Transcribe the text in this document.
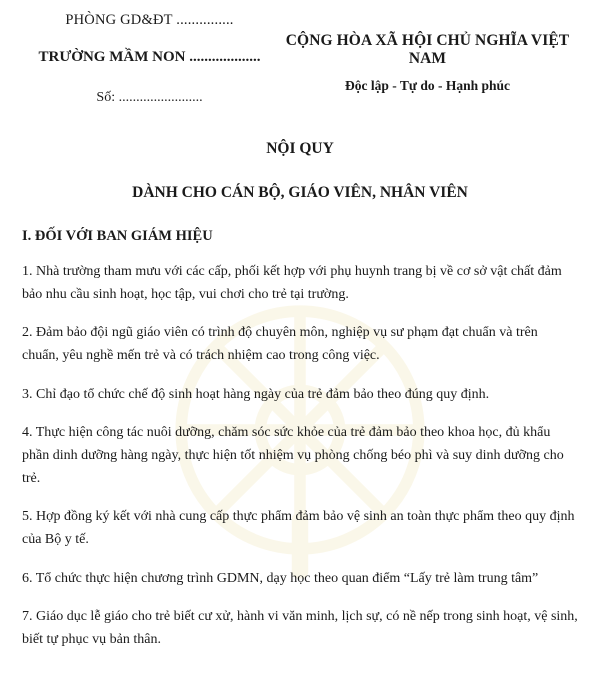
PHÒNG GD&ĐT ...............
TRƯỜNG MẦM NON ...................
Số: ........................
CỘNG HÒA XÃ HỘI CHỦ NGHĨA VIỆT NAM
Độc lập - Tự do - Hạnh phúc
NỘI QUY
DÀNH CHO CÁN BỘ, GIÁO VIÊN, NHÂN VIÊN
I. ĐỐI VỚI BAN GIÁM HIỆU

1. Nhà trường tham mưu với các cấp, phối kết hợp với phụ huynh trang bị về cơ sở vật chất đảm bảo nhu cầu sinh hoạt, học tập, vui chơi cho trẻ tại trường.

2. Đảm bảo đội ngũ giáo viên có trình độ chuyên môn, nghiệp vụ sư phạm đạt chuẩn và trên chuẩn, yêu nghề mến trẻ và có trách nhiệm cao trong công việc.

3. Chỉ đạo tổ chức chế độ sinh hoạt hàng ngày của trẻ đảm bảo theo đúng quy định.

4. Thực hiện công tác nuôi dưỡng, chăm sóc sức khỏe của trẻ đảm bảo theo khoa học, đủ khẩu phần dinh dưỡng hàng ngày, thực hiện tốt nhiệm vụ phòng chống béo phì và suy dinh dưỡng cho trẻ.

5. Hợp đồng ký kết với nhà cung cấp thực phẩm đảm bảo vệ sinh an toàn thực phẩm theo quy định của Bộ y tế.

6. Tổ chức thực hiện chương trình GDMN, dạy học theo quan điểm “Lấy trẻ làm trung tâm”

7. Giáo dục lễ giáo cho trẻ biết cư xử, hành vi văn minh, lịch sự, có nề nếp trong sinh hoạt, vệ sinh, biết tự phục vụ bản thân.
